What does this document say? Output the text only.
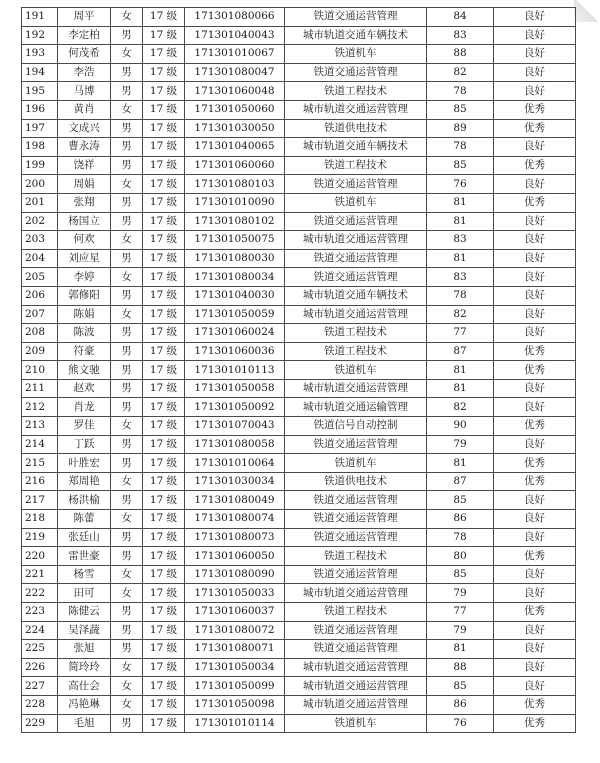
191	周平	女	17 级	171301080066	铁道交通运营管理	84	良好
192	李定柏	男	17 级	171301040043	城市轨道交通车辆技术	83	良好
193	何茂希	女	17 级	171301010067	铁道机车	88	良好
194	李浩	男	17 级	171301080047	铁道交通运营管理	82	良好
195	马博	男	17 级	171301060048	铁道工程技术	78	良好
196	黄肖	女	17 级	171301050060	城市轨道交通运营管理	85	优秀
197	文成兴	男	17 级	171301030050	铁道供电技术	89	优秀
198	曹永涛	男	17 级	171301040065	城市轨道交通车辆技术	78	良好
199	饶祥	男	17 级	171301060060	铁道工程技术	85	优秀
200	周娟	女	17 级	171301080103	铁道交通运营管理	76	良好
201	张翔	男	17 级	171301010090	铁道机车	81	优秀
202	杨国立	男	17 级	171301080102	铁道交通运营管理	81	良好
203	何欢	女	17 级	171301050075	城市轨道交通运营管理	83	良好
204	刘应星	男	17 级	171301080030	铁道交通运营管理	81	良好
205	李婷	女	17 级	171301080034	铁道交通运营管理	83	良好
206	郭修阳	男	17 级	171301040030	城市轨道交通车辆技术	78	良好
207	陈娟	女	17 级	171301050059	城市轨道交通运营管理	82	良好
208	陈波	男	17 级	171301060024	铁道工程技术	77	良好
209	符豪	男	17 级	171301060036	铁道工程技术	87	优秀
210	熊文驰	男	17 级	171301010113	铁道机车	81	优秀
211	赵欢	男	17 级	171301050058	城市轨道交通运营管理	81	良好
212	肖龙	男	17 级	171301050092	城市轨道交通运输管理	82	良好
213	罗佳	女	17 级	171301070043	铁道信号自动控制	90	优秀
214	丁跃	男	17 级	171301080058	铁道交通运营管理	79	良好
215	叶胜宏	男	17 级	171301010064	铁道机车	81	优秀
216	郑周艳	女	17 级	171301030034	铁道供电技术	87	优秀
217	杨洪榆	男	17 级	171301080049	铁道交通运营管理	85	良好
218	陈蕾	女	17 级	171301080074	铁道交通运营管理	86	良好
219	张廷山	男	17 级	171301080073	铁道交通运营管理	78	良好
220	雷世豪	男	17 级	171301060050	铁道工程技术	80	优秀
221	杨雪	女	17 级	171301080090	铁道交通运营管理	85	良好
222	田可	女	17 级	171301050033	城市轨道交通运营管理	79	良好
223	陈健云	男	17 级	171301060037	铁道工程技术	77	优秀
224	吴泽蔬	男	17 级	171301080072	铁道交通运营管理	79	良好
225	张旭	男	17 级	171301080071	铁道交通运营管理	81	良好
226	简玲玲	女	17 级	171301050034	城市轨道交通运营管理	88	良好
227	高仕会	女	17 级	171301050099	城市轨道交通运营管理	85	良好
228	冯艳琳	女	17 级	171301050098	城市轨道交通运营管理	86	优秀
229	毛旭	男	17 级	171301010114	铁道机车	76	优秀
